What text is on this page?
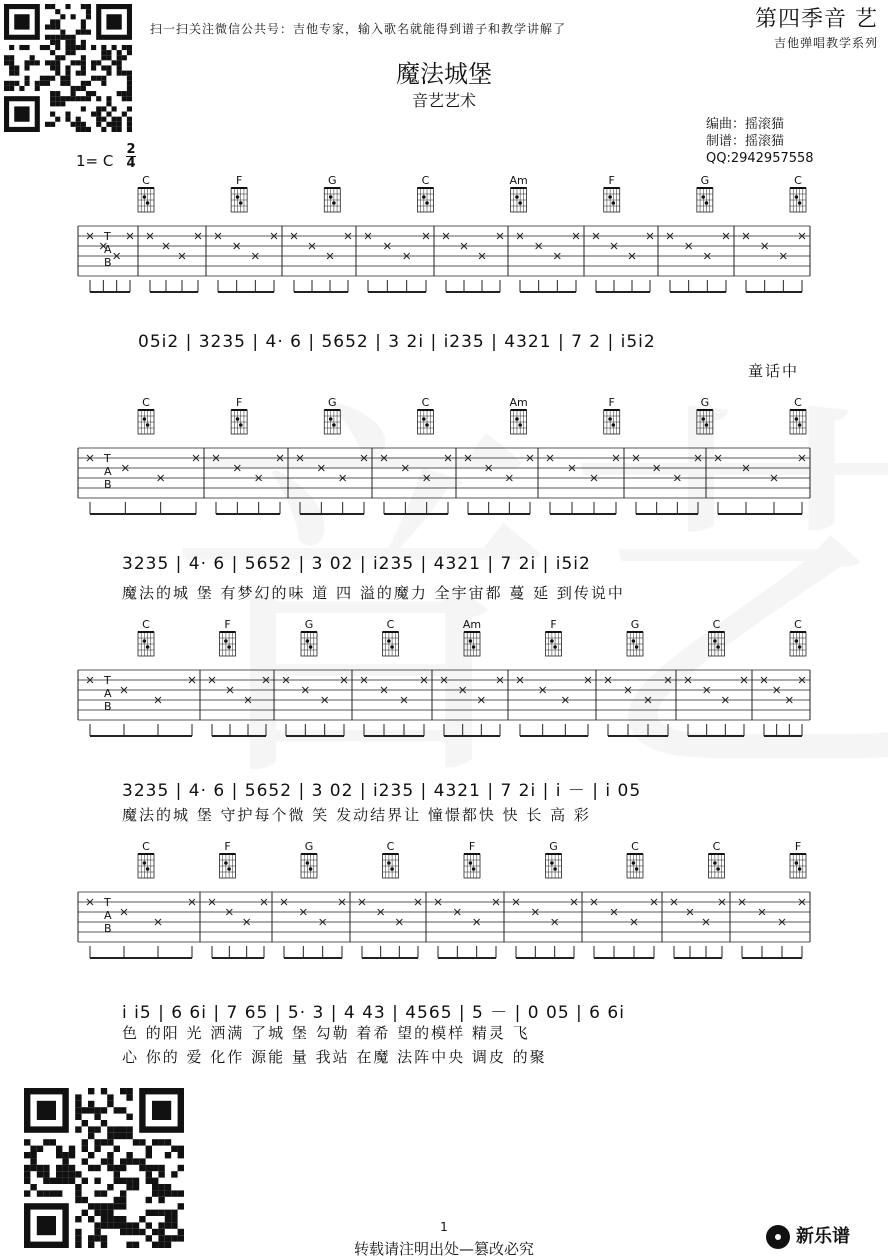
扫一扫关注微信公共号：吉他专家，输入歌名就能得到谱子和教学讲解了	第四季音 艺
吉他弹唱教学系列
魔法城堡
音艺艺术
编曲：摇滚猫
制谱：摇滚猫
QQ:2942957558
1= C
2
4
T
A
B
C	F	G	C	Am	F	G	C
T
A
B
C	F	G	C	Am	F	G	C
T
A
B
C	F	G	C	Am	F	G	C	C
T
A
B
C	F	G	C	F	G	C	C	F
05i2 | 3235 | 4· 6 | 5652 | 3 2i | i235 | 4321 | 7 2 | i5i2
童话中
3235 | 4· 6 | 5652 | 3 02 | i235 | 4321 | 7 2i | i5i2
魔法的城 堡 有梦幻的味 道 四 溢的魔力 全宇宙都 蔓 延 到传说中
3235 | 4· 6 | 5652 | 3 02 | i235 | 4321 | 7 2i | i － | i 05
魔法的城 堡 守护每个微 笑 发动结界让 憧憬都快 快 长 高 彩
i i5 | 6 6i | 7 65 | 5· 3 | 4 43 | 4565 | 5 － | 0 05 | 6 6i
色 的阳 光 洒满 了城 堡 勾勒 着希 望的模样 精灵 飞
心 你的 爱 化作 源能 量 我站 在魔 法阵中央 调皮 的聚
1
转载请注明出处—篡改必究
新乐谱
